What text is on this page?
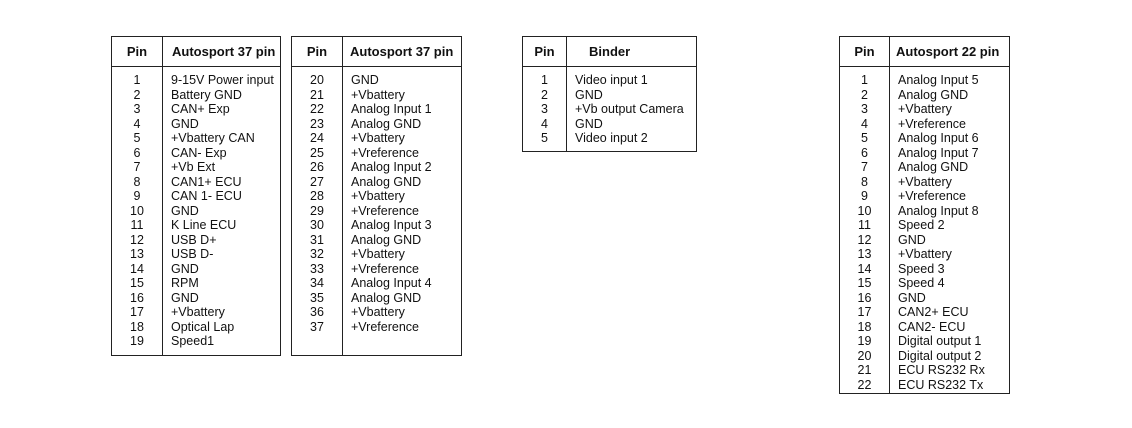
Pin	Autosport 37 pin
1	9-15V Power input
2	Battery GND
3	CAN+ Exp
4	GND
5	+Vbattery CAN
6	CAN- Exp
7	+Vb Ext
8	CAN1+ ECU
9	CAN 1- ECU
10	GND
11	K Line ECU
12	USB D+
13	USB D-
14	GND
15	RPM
16	GND
17	+Vbattery
18	Optical Lap
19	Speed1
Pin	Autosport 37 pin
20	GND
21	+Vbattery
22	Analog Input 1
23	Analog GND
24	+Vbattery
25	+Vreference
26	Analog Input 2
27	Analog GND
28	+Vbattery
29	+Vreference
30	Analog Input 3
31	Analog GND
32	+Vbattery
33	+Vreference
34	Analog Input 4
35	Analog GND
36	+Vbattery
37	+Vreference
Pin	Binder
1	Video input 1
2	GND
3	+Vb output Camera
4	GND
5	Video input 2
Pin	Autosport 22 pin
1	Analog Input 5
2	Analog GND
3	+Vbattery
4	+Vreference
5	Analog Input 6
6	Analog Input 7
7	Analog GND
8	+Vbattery
9	+Vreference
10	Analog Input 8
11	Speed 2
12	GND
13	+Vbattery
14	Speed 3
15	Speed 4
16	GND
17	CAN2+ ECU
18	CAN2- ECU
19	Digital output 1
20	Digital output 2
21	ECU RS232 Rx
22	ECU RS232 Tx
